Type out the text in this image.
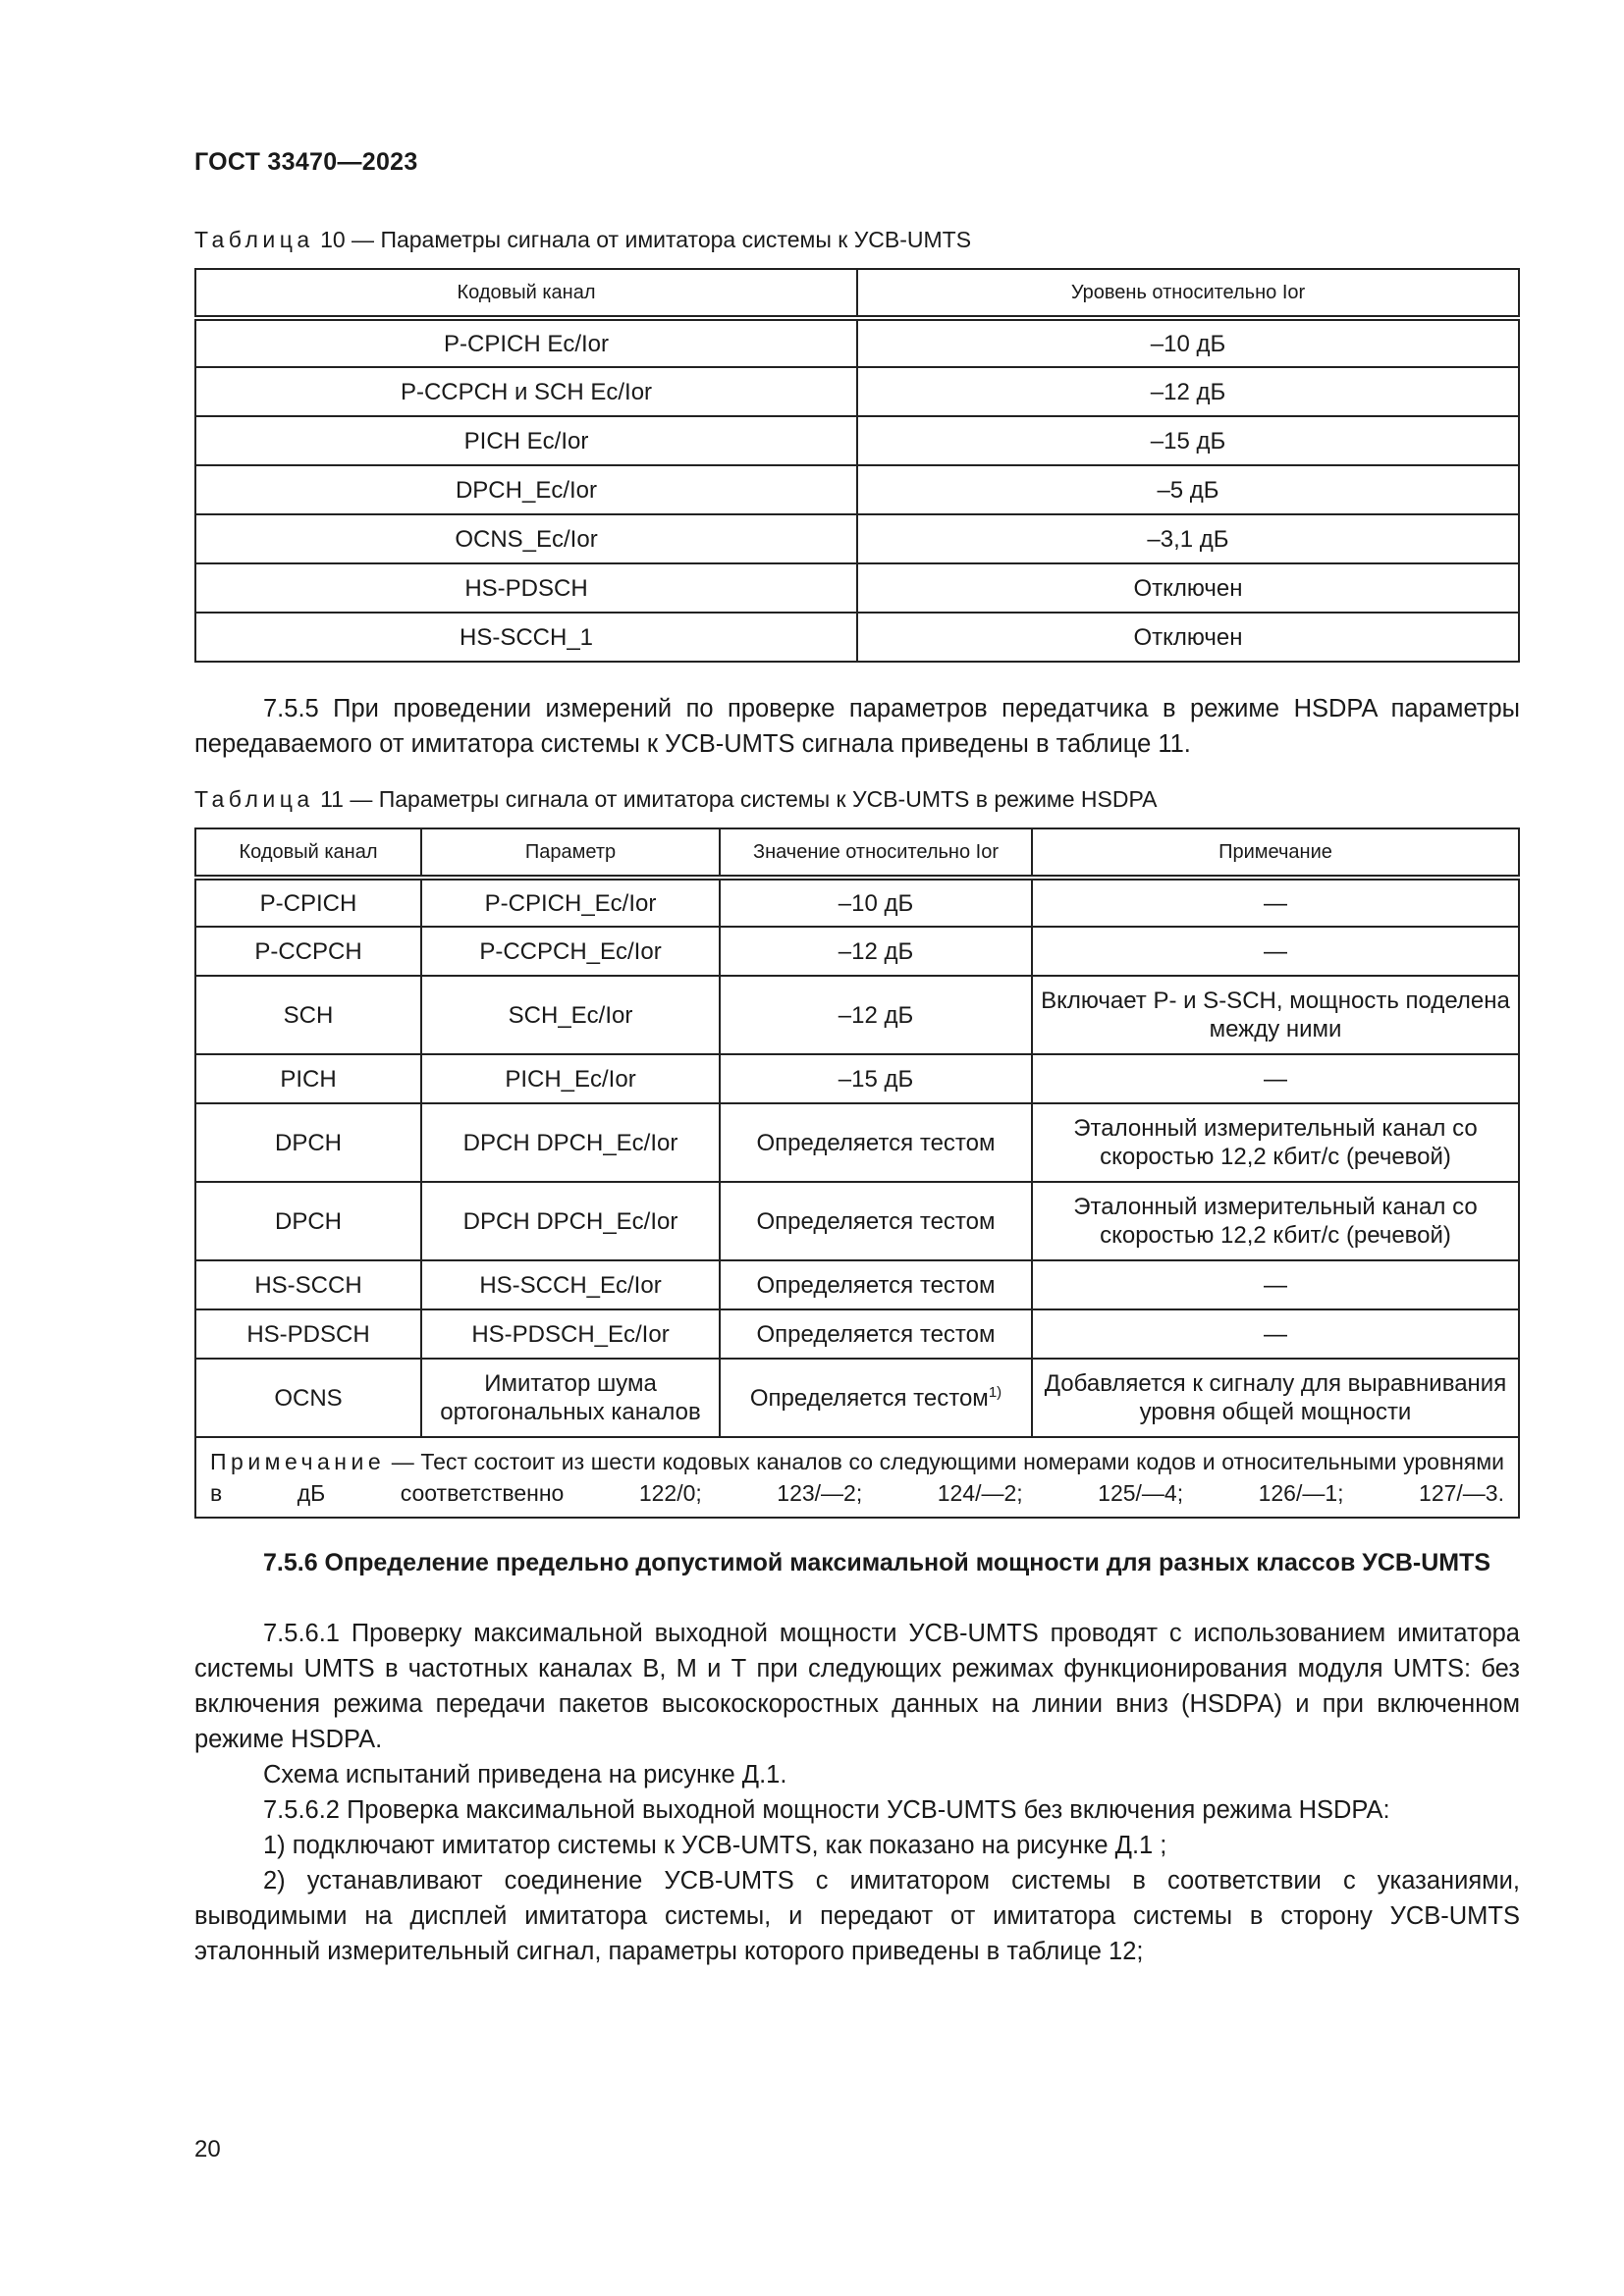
ГОСТ 33470—2023
Таблица 10 — Параметры сигнала от имитатора системы к УСВ-UMTS
Кодовый канал	Уровень относительно Ior
P-CPICH Ec/Ior	–10 дБ
P-CCPCH и SCH Ec/Ior	–12 дБ
PICH Ec/Ior	–15 дБ
DPCH_Ec/Ior	–5 дБ
OCNS_Ec/Ior	–3,1 дБ
HS-PDSCH	Отключен
HS-SCCH_1	Отключен
7.5.5 При проведении измерений по проверке параметров передатчика в режиме HSDPA параметры передаваемого от имитатора системы к УСВ-UMTS сигнала приведены в таблице 11.
Таблица 11 — Параметры сигнала от имитатора системы к УСВ-UMTS в режиме HSDPA
Кодовый канал	Параметр	Значение относительно Ior	Примечание
P-CPICH	P-CPICH_Ec/Ior	–10 дБ	—
P-CCPCH	P-CCPCH_Ec/Ior	–12 дБ	—
SCH	SCH_Ec/Ior	–12 дБ	Включает Р- и S-SCH, мощность поделена между ними
PICH	PICH_Ec/Ior	–15 дБ	—
DPCH	DPCH DPCH_Ec/Ior	Определяется тестом	Эталонный измерительный канал со скоростью 12,2 кбит/с (речевой)
DPCH	DPCH DPCH_Ec/Ior	Определяется тестом	Эталонный измерительный канал со скоростью 12,2 кбит/с (речевой)
HS-SCCH	HS-SCCH_Ec/Ior	Определяется тестом	—
HS-PDSCH	HS-PDSCH_Ec/Ior	Определяется тестом	—
OCNS	Имитатор шума ортогональных каналов	Определяется тестом$^{1)}$	Добавляется к сигналу для выравнивания уровня общей мощности
Примечание — Тест состоит из шести кодовых каналов со следующими номерами кодов и относительными уровнями в дБ соответственно 122/0; 123/—2; 124/—2; 125/—4; 126/—1; 127/—3.			
7.5.6 Определение предельно допустимой максимальной мощности для разных классов УСВ-UMTS
7.5.6.1 Проверку максимальной выходной мощности УСВ-UMTS проводят с использованием имитатора системы UMTS в частотных каналах В, М и Т при следующих режимах функционирования модуля UMTS: без включения режима передачи пакетов высокоскоростных данных на линии вниз (HSDPA) и при включенном режиме HSDPA.
Схема испытаний приведена на рисунке Д.1.
7.5.6.2 Проверка максимальной выходной мощности УСВ-UMTS без включения режима HSDPA:
1) подключают имитатор системы к УСВ-UMTS, как показано на рисунке Д.1 ;
2) устанавливают соединение УСВ-UMTS с имитатором системы в соответствии с указаниями, выводимыми на дисплей имитатора системы, и передают от имитатора системы в сторону УСВ-UMTS эталонный измерительный сигнал, параметры которого приведены в таблице 12;
20
